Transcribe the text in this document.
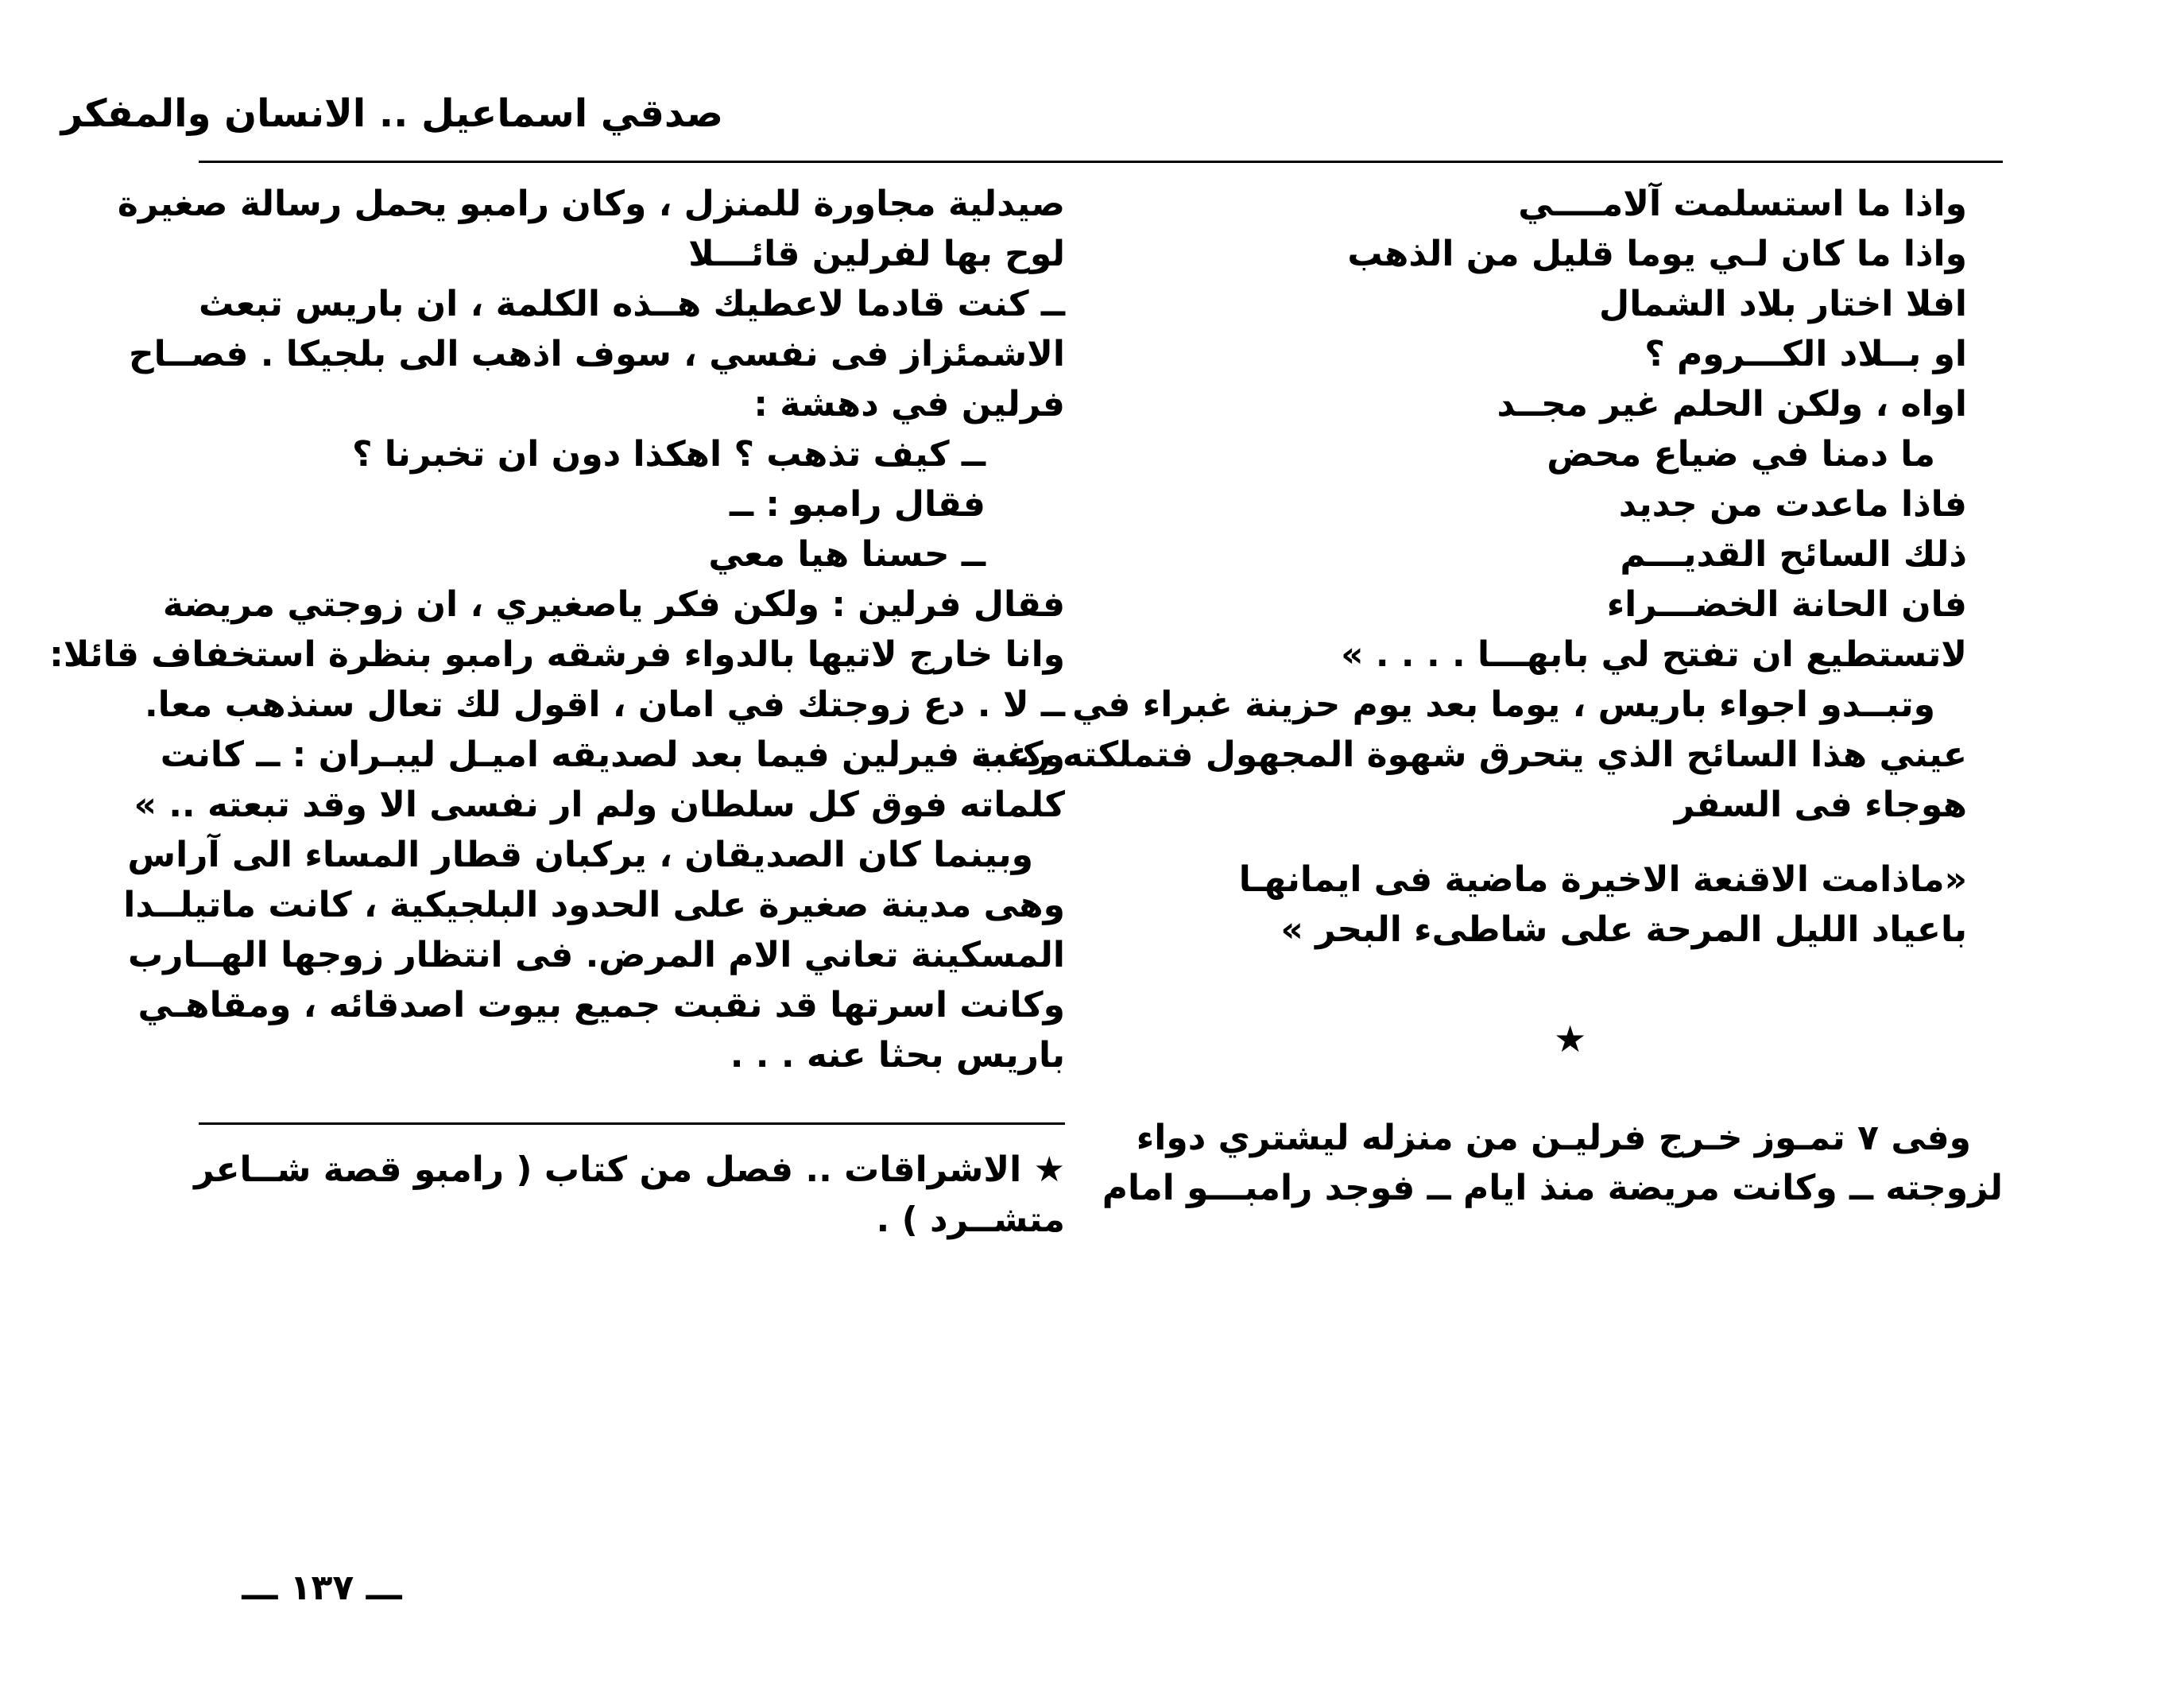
صدقي اسماعيل .. الانسان والمفكر
صيدلية مجاورة للمنزل ، وكان رامبو يحمل رسالة صغيرة
لوح بها لفرلين قائـــلا
ــ كنت قادما لاعطيك هــذه الكلمة ، ان باريس تبعث
الاشمئزاز فى نفسي ، سوف اذهب الى بلجيكا . فصــاح
فرلين في دهشة :
ــ كيف تذهب ؟ اهكذا دون ان تخبرنا ؟
فقال رامبو : ــ
ــ حسنا هيا معي
فقال فرلين : ولكن فكر ياصغيري ، ان زوجتي مريضة
وانا خارج لاتيها بالدواء فرشقه رامبو بنظرة استخفاف قائلا:
ــ لا . دع زوجتك في امان ، اقول لك تعال سنذهب معا.
وكتب فيرلين فيما بعد لصديقه اميـل ليبـران : ــ كانت
كلماته فوق كل سلطان ولم ار نفسى الا وقد تبعته .. »
وبينما كان الصديقان ، يركبان قطار المساء الى آراس
وهى مدينة صغيرة على الحدود البلجيكية ، كانت ماتيلــدا
المسكينة تعاني الام المرض. فى انتظار زوجها الهــارب
وكانت اسرتها قد نقبت جميع بيوت اصدقائه ، ومقاهـي
باريس بحثا عنه . . .
★ الاشراقات .. فصل من كتاب ( رامبو قصة شــاعر
متشــرد ) .
واذا ما استسلمت آلامــــي
واذا ما كان لـي يوما قليل من الذهب
افلا اختار بلاد الشمال
او بــلاد الكـــروم ؟
اواه ، ولكن الحلم غير مجــد
ما دمنا في ضياع محض
فاذا ماعدت من جديد
ذلك السائح القديـــم
فان الحانة الخضـــراء
لاتستطيع ان تفتح لي بابهـــا . . . . »
وتبــدو اجواء باريس ، يوما بعد يوم حزينة غبراء في
عيني هذا السائح الذي يتحرق شهوة المجهول فتملكته رغبة
هوجاء فى السفر
«ماذامت الاقنعة الاخيرة ماضية فى ايمانهـا
باعياد الليل المرحة على شاطىء البحر »
★
وفى ٧ تمـوز خـرج فرليـن من منزله ليشتري دواء
لزوجته ــ وكانت مريضة منذ ايام ــ فوجد رامبـــو امام
ـــ ١٣٧ ـــ
